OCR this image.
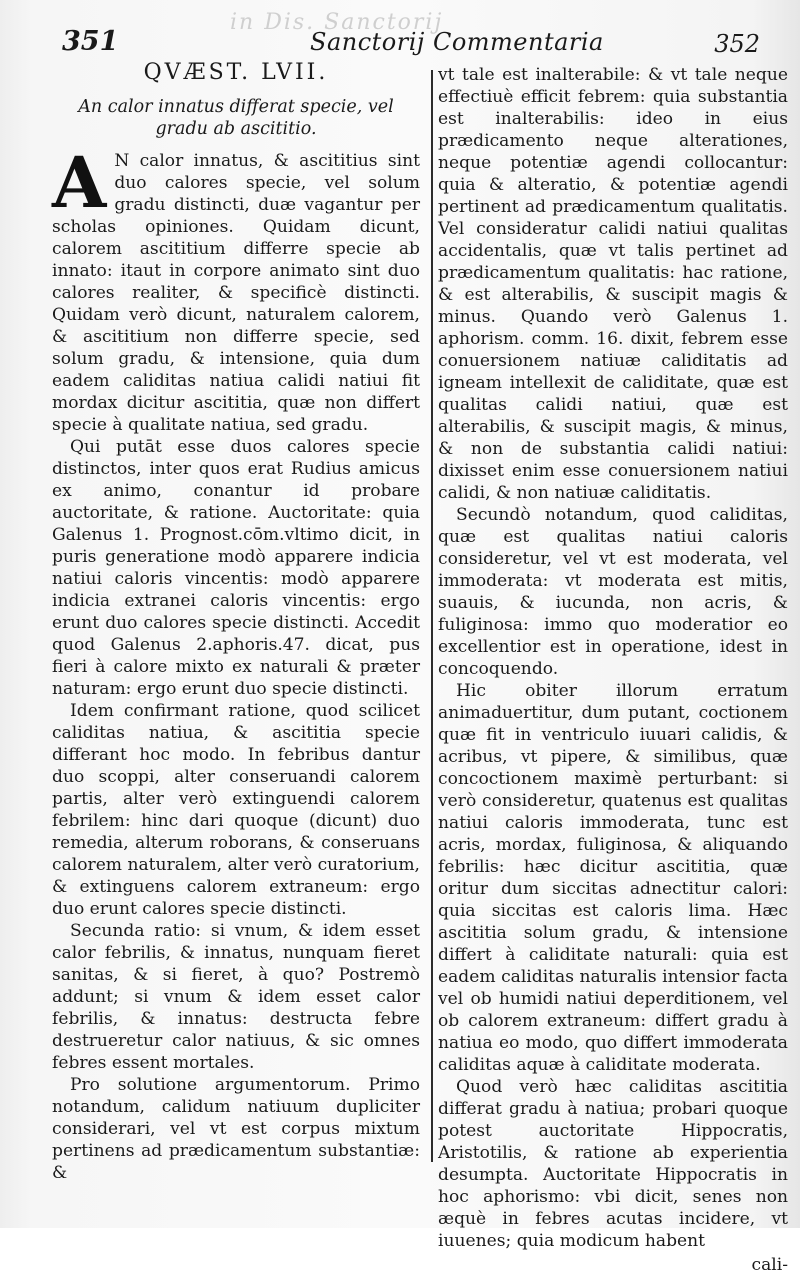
in Dis. Sanctorij
351	Sanctorij Commentaria	352
QVÆST. LVII.
An calor innatus differat specie, vel gradu ab ascititio.
A N calor innatus, & ascititius sint duo calores specie, vel solum gradu distincti, duæ vagantur per scholas opiniones. Quidam dicunt, calorem ascititium differre specie ab innato: itaut in corpore animato sint duo calores realiter, & specificè distincti. Quidam verò dicunt, naturalem calorem, & ascititium non differre specie, sed solum gradu, & intensione, quia dum eadem caliditas natiua calidi natiui fit mordax dicitur ascititia, quæ non differt specie à qualitate natiua, sed gradu.

Qui putāt esse duos calores specie distinctos, inter quos erat Rudius amicus ex animo, conantur id probare auctoritate, & ratione. Auctoritate: quia Galenus 1. Prognost.cōm.vltimo dicit, in puris generatione modò apparere indicia natiui caloris vincentis: modò apparere indicia extranei caloris vincentis: ergo erunt duo calores specie distincti. Accedit quod Galenus 2.aphoris.47. dicat, pus fieri à calore mixto ex naturali & præter naturam: ergo erunt duo specie distincti.

Idem confirmant ratione, quod scilicet caliditas natiua, & ascititia specie differant hoc modo. In febribus dantur duo scoppi, alter conseruandi calorem partis, alter verò extinguendi calorem febrilem: hinc dari quoque (dicunt) duo remedia, alterum roborans, & conseruans calorem naturalem, alter verò curatorium, & extinguens calorem extraneum: ergo duo erunt calores specie distincti.

Secunda ratio: si vnum, & idem esset calor febrilis, & innatus, nunquam fieret sanitas, & si fieret, à quo? Postremò addunt; si vnum & idem esset calor febrilis, & innatus: destructa febre destrueretur calor natiuus, & sic omnes febres essent mortales.

Pro solutione argumentorum. Primo notandum, calidum natiuum dupliciter considerari, vel vt est corpus mixtum pertinens ad prædicamentum substantiæ: &

vt tale est inalterabile: & vt tale neque effectiuè efficit febrem: quia substantia est inalterabilis: ideo in eius prædicamento neque alterationes, neque potentiæ agendi collocantur: quia & alteratio, & potentiæ agendi pertinent ad prædicamentum qualitatis. Vel consideratur calidi natiui qualitas accidentalis, quæ vt talis pertinet ad prædicamentum qualitatis: hac ratione, & est alterabilis, & suscipit magis & minus. Quando verò Galenus 1. aphorism. comm. 16. dixit, febrem esse conuersionem natiuæ caliditatis ad igneam intellexit de caliditate, quæ est qualitas calidi natiui, quæ est alterabilis, & suscipit magis, & minus, & non de substantia calidi natiui: dixisset enim esse conuersionem natiui calidi, & non natiuæ caliditatis.

Secundò notandum, quod caliditas, quæ est qualitas natiui caloris consideretur, vel vt est moderata, vel immoderata: vt moderata est mitis, suauis, & iucunda, non acris, & fuliginosa: immo quo moderatior eo excellentior est in operatione, idest in concoquendo.

Hic obiter illorum erratum animaduertitur, dum putant, coctionem quæ fit in ventriculo iuuari calidis, & acribus, vt pipere, & similibus, quæ concoctionem maximè perturbant: si verò consideretur, quatenus est qualitas natiui caloris immoderata, tunc est acris, mordax, fuliginosa, & aliquando febrilis: hæc dicitur ascititia, quæ oritur dum siccitas adnectitur calori: quia siccitas est caloris lima. Hæc ascititia solum gradu, & intensione differt à caliditate naturali: quia est eadem caliditas naturalis intensior facta vel ob humidi natiui deperditionem, vel ob calorem extraneum: differt gradu à natiua eo modo, quo differt immoderata caliditas aquæ à caliditate moderata.

Quod verò hæc caliditas ascititia differat gradu à natiua; probari quoque potest auctoritate Hippocratis, Aristotilis, & ratione ab experientia desumpta. Auctoritate Hippocratis in hoc aphorismo: vbi dicit, senes non æquè in febres acutas incidere, vt iuuenes; quia modicum habent

cali-
